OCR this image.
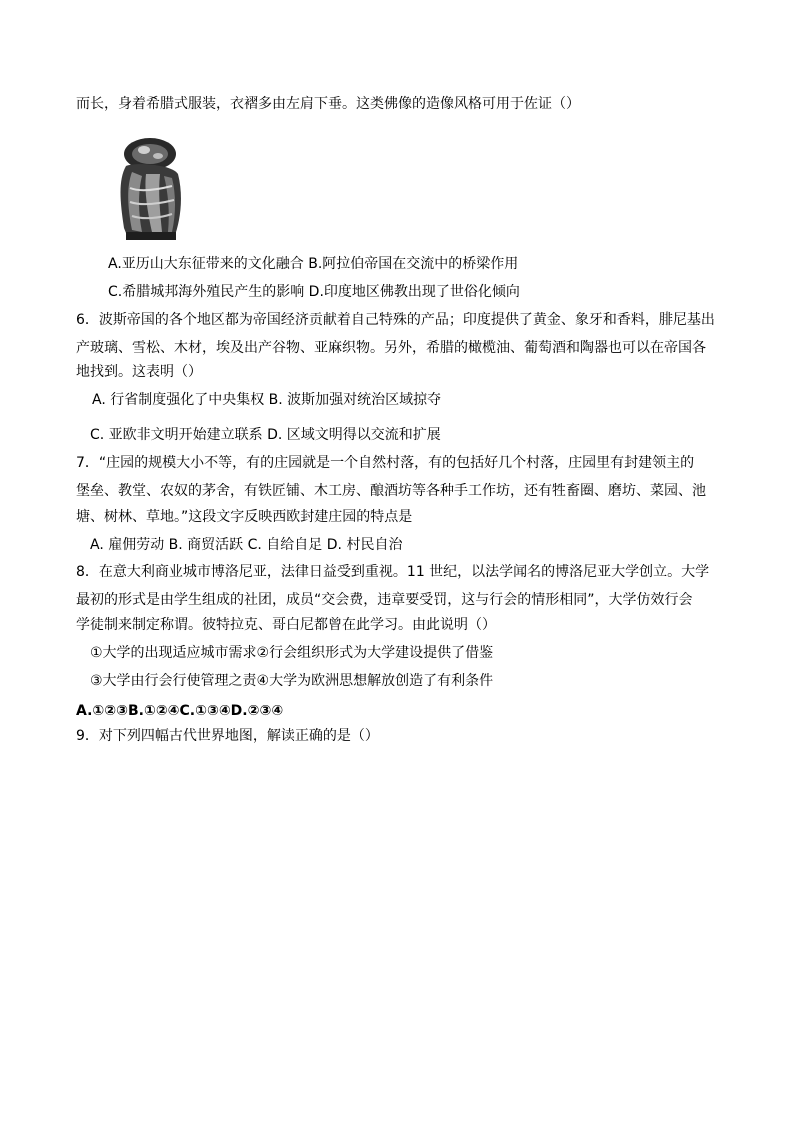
而长，身着希腊式服装，衣褶多由左肩下垂。这类佛像的造像风格可用于佐证（）
A.亚历山大东征带来的文化融合 B.阿拉伯帝国在交流中的桥梁作用
C.希腊城邦海外殖民产生的影响 D.印度地区佛教出现了世俗化倾向
6．波斯帝国的各个地区都为帝国经济贡献着自己特殊的产品；印度提供了黄金、象牙和香料，腓尼基出
产玻璃、雪松、木材，埃及出产谷物、亚麻织物。另外，希腊的橄榄油、葡萄酒和陶器也可以在帝国各
地找到。这表明（）
A. 行省制度强化了中央集权 B. 波斯加强对统治区域掠夺
C. 亚欧非文明开始建立联系 D. 区域文明得以交流和扩展
7．“庄园的规模大小不等，有的庄园就是一个自然村落，有的包括好几个村落，庄园里有封建领主的
堡垒、教堂、农奴的茅舍，有铁匠铺、木工房、酿酒坊等各种手工作坊，还有牲畜圈、磨坊、菜园、池
塘、树林、草地。”这段文字反映西欧封建庄园的特点是
A. 雇佣劳动 B. 商贸活跃 C. 自给自足 D. 村民自治
8．在意大利商业城市博洛尼亚，法律日益受到重视。11 世纪，以法学闻名的博洛尼亚大学创立。大学
最初的形式是由学生组成的社团，成员“交会费，违章要受罚，这与行会的情形相同”，大学仿效行会
学徒制来制定称谓。彼特拉克、哥白尼都曾在此学习。由此说明（）
①大学的出现适应城市需求②行会组织形式为大学建设提供了借鉴
③大学由行会行使管理之责④大学为欧洲思想解放创造了有利条件
A.①②③B.①②④C.①③④D.②③④
9．对下列四幅古代世界地图，解读正确的是（）
